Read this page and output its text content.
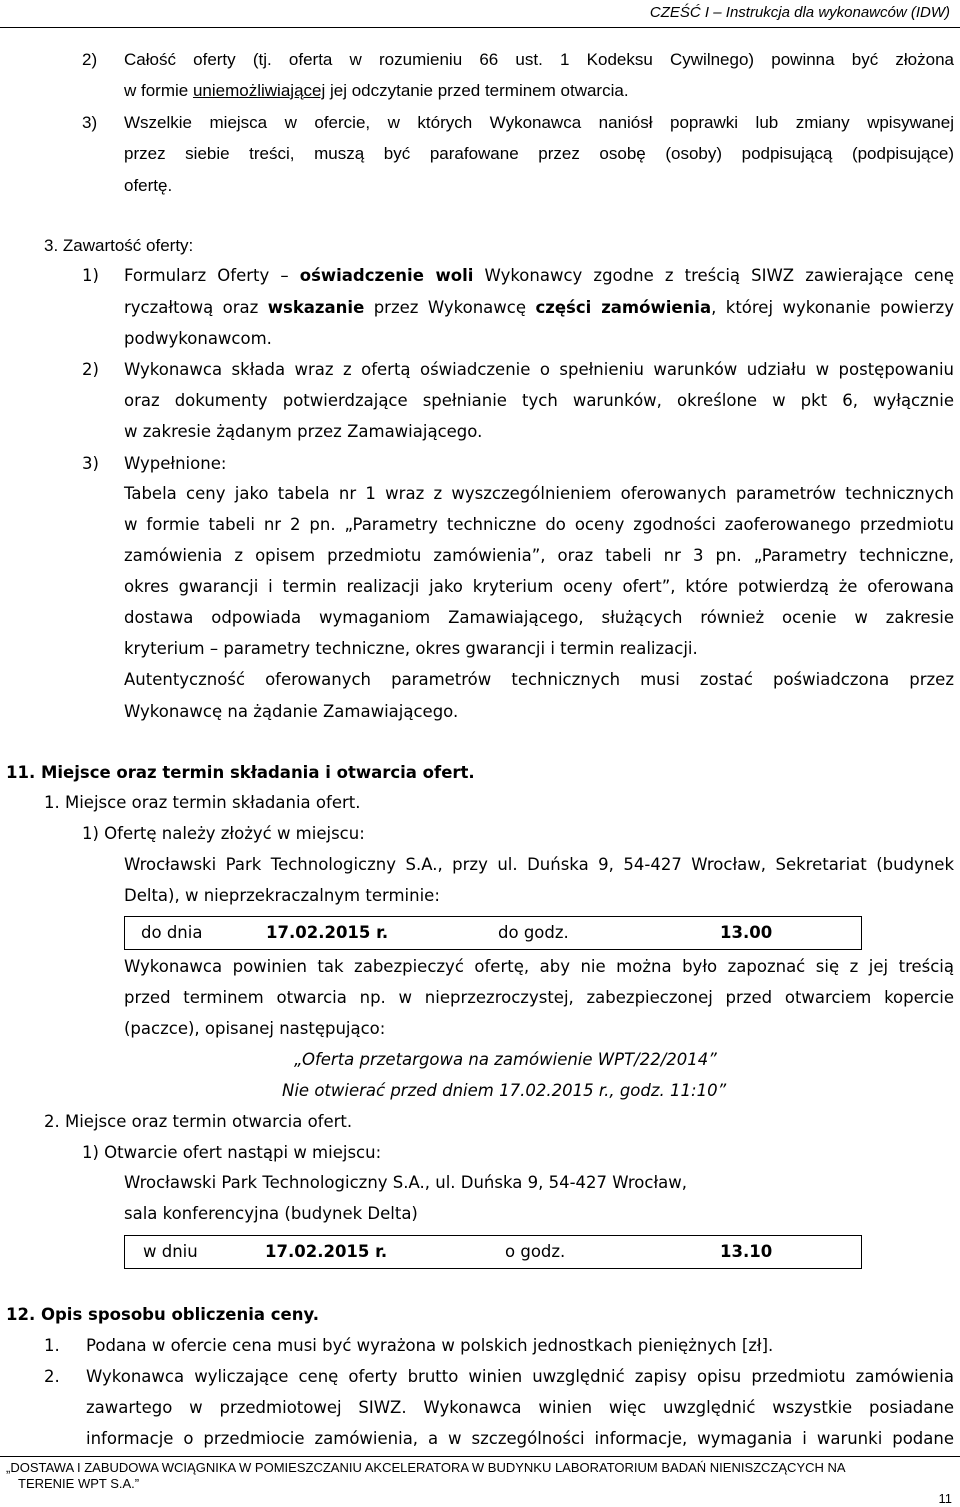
CZEŚĆ I – Instrukcja dla wykonawców (IDW)
2) Całość oferty (tj. oferta w rozumieniu 66 ust. 1 Kodeksu Cywilnego) powinna być złożona
w formie uniemożliwiającej jej odczytanie przed terminem otwarcia.
3) Wszelkie miejsca w ofercie, w których Wykonawca naniósł poprawki lub zmiany wpisywanej
przez siebie treści, muszą być parafowane przez osobę (osoby) podpisującą (podpisujące)
ofertę.
3. Zawartość oferty:
1) Formularz Oferty – oświadczenie woli Wykonawcy zgodne z treścią SIWZ zawierające cenę
ryczałtową oraz wskazanie przez Wykonawcę części zamówienia, której wykonanie powierzy
podwykonawcom.
2) Wykonawca składa wraz z ofertą oświadczenie o spełnieniu warunków udziału w postępowaniu
oraz dokumenty potwierdzające spełnianie tych warunków, określone w pkt 6, wyłącznie
w zakresie żądanym przez Zamawiającego.
3) Wypełnione:
Tabela ceny jako tabela nr 1 wraz z wyszczególnieniem oferowanych parametrów technicznych
w formie tabeli nr 2 pn. „Parametry techniczne do oceny zgodności zaoferowanego przedmiotu
zamówienia z opisem przedmiotu zamówienia”, oraz tabeli nr 3 pn. „Parametry techniczne,
okres gwarancji i termin realizacji jako kryterium oceny ofert”, które potwierdzą że oferowana
dostawa odpowiada wymaganiom Zamawiającego, służących również ocenie w zakresie
kryterium – parametry techniczne, okres gwarancji i termin realizacji.
Autentyczność oferowanych parametrów technicznych musi zostać poświadczona przez
Wykonawcę na żądanie Zamawiającego.
11. Miejsce oraz termin składania i otwarcia ofert.
1. Miejsce oraz termin składania ofert.
1) Ofertę należy złożyć w miejscu:
Wrocławski Park Technologiczny S.A., przy ul. Duńska 9, 54-427 Wrocław, Sekretariat (budynek
Delta), w nieprzekraczalnym terminie:
do dnia	17.02.2015 r.	do godz.	13.00
Wykonawca powinien tak zabezpieczyć ofertę, aby nie można było zapoznać się z jej treścią
przed terminem otwarcia np. w nieprzezroczystej, zabezpieczonej przed otwarciem kopercie
(paczce), opisanej następująco:
„Oferta przetargowa na zamówienie WPT/22/2014”
Nie otwierać przed dniem 17.02.2015 r., godz. 11:10”
2. Miejsce oraz termin otwarcia ofert.
1) Otwarcie ofert nastąpi w miejscu:
Wrocławski Park Technologiczny S.A., ul. Duńska 9, 54-427 Wrocław,
sala konferencyjna (budynek Delta)
w dniu	17.02.2015 r.	o godz.	13.10
12. Opis sposobu obliczenia ceny.
1. Podana w ofercie cena musi być wyrażona w polskich jednostkach pieniężnych [zł].
2. Wykonawca wyliczające cenę oferty brutto winien uwzględnić zapisy opisu przedmiotu zamówienia
zawartego w przedmiotowej SIWZ. Wykonawca winien więc uwzględnić wszystkie posiadane
informacje o przedmiocie zamówienia, a w szczególności informacje, wymagania i warunki podane
„DOSTAWA I ZABUDOWA WCIĄGNIKA W POMIESZCZANIU AKCELERATORA W BUDYNKU LABORATORIUM BADAŃ NIENISZCZĄCYCH NA
TERENIE WPT S.A.”
11
